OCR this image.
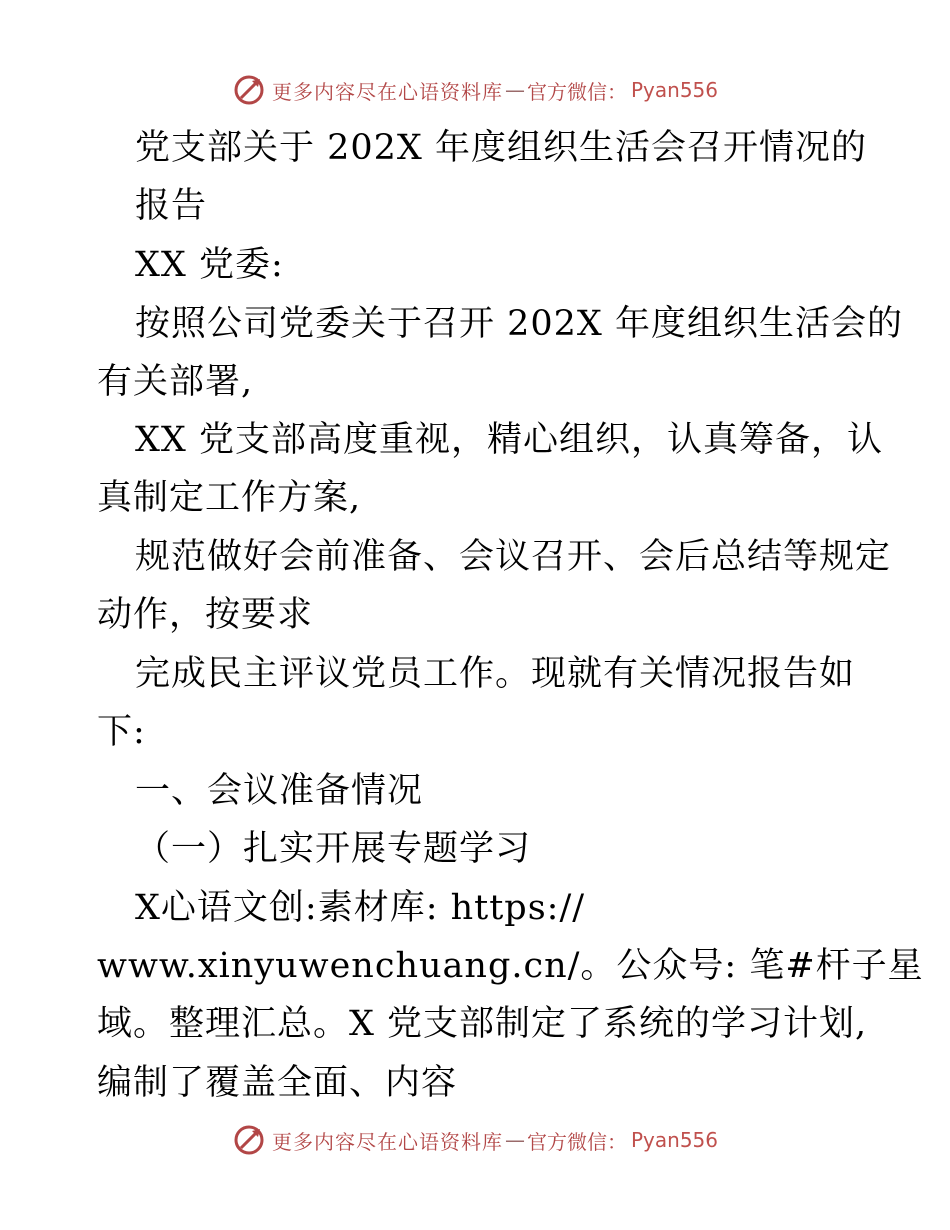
更多内容尽在心语资料库 — 官方微信： Pyan556
党支部关于 202X 年度组织生活会召开情况的
报告
XX 党委:
按照公司党委关于召开 202X 年度组织生活会的
有关部署,
XX 党支部高度重视，精心组织，认真筹备，认
真制定工作方案,
规范做好会前准备、会议召开、会后总结等规定
动作，按要求
完成民主评议党员工作。现就有关情况报告如
下:
一、会议准备情况
（一）扎实开展专题学习
X心语文创:素材库: https://
www.xinyuwenchuang.cn/。公众号: 笔#杆子星
域。整理汇总。X 党支部制定了系统的学习计划,
编制了覆盖全面、内容
更多内容尽在心语资料库 — 官方微信： Pyan556
